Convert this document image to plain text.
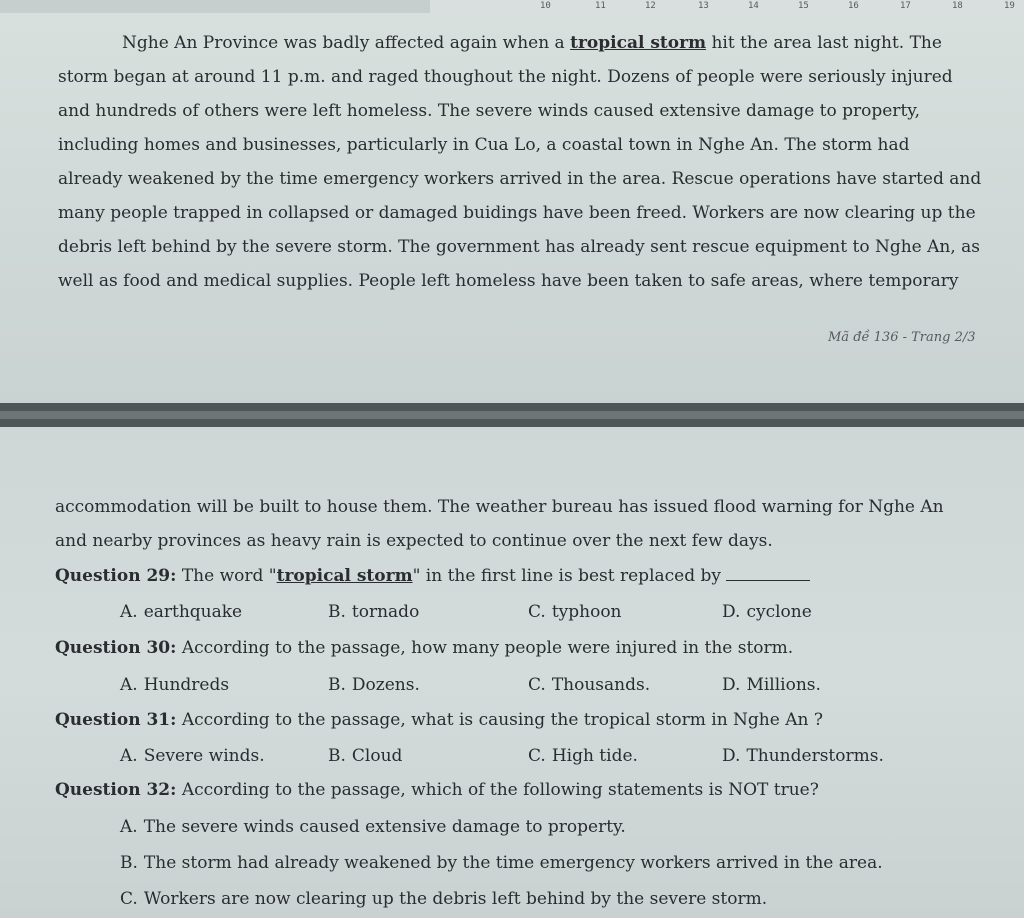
10	11	12	13	14	15	16	17	18	19

Nghe An Province was badly affected again when a tropical storm hit the area last night. The

storm began at around 11 p.m. and raged thoughout the night. Dozens of people were seriously injured
and hundreds of others were left homeless. The severe winds caused extensive damage to property,
including homes and businesses, particularly in Cua Lo, a coastal town in Nghe An. The storm had
already weakened by the time emergency workers arrived in the area. Rescue operations have started and
many people trapped in collapsed or damaged buidings have been freed. Workers are now clearing up the
debris left behind by the severe storm. The government has already sent rescue equipment to Nghe An, as
well as food and medical supplies. People left homeless have been taken to safe areas, where temporary

Mã đề 136 - Trang 2/3

accommodation will be built to house them. The weather bureau has issued flood warning for Nghe An
and nearby provinces as heavy rain is expected to continue over the next few days.

Question 29: The word "tropical storm" in the first line is best replaced by
A. earthquake	B. tornado	C. typhoon	D. cyclone
Question 30: According to the passage, how many people were injured in the storm.
A. Hundreds	B. Dozens.	C. Thousands.	D. Millions.
Question 31: According to the passage, what is causing the tropical storm in Nghe An ?
A. Severe winds.	B. Cloud	C. High tide.	D. Thunderstorms.
Question 32: According to the passage, which of the following statements is NOT true?
A. The severe winds caused extensive damage to property.
B. The storm had already weakened by the time emergency workers arrived in the area.
C. Workers are now clearing up the debris left behind by the severe storm.
